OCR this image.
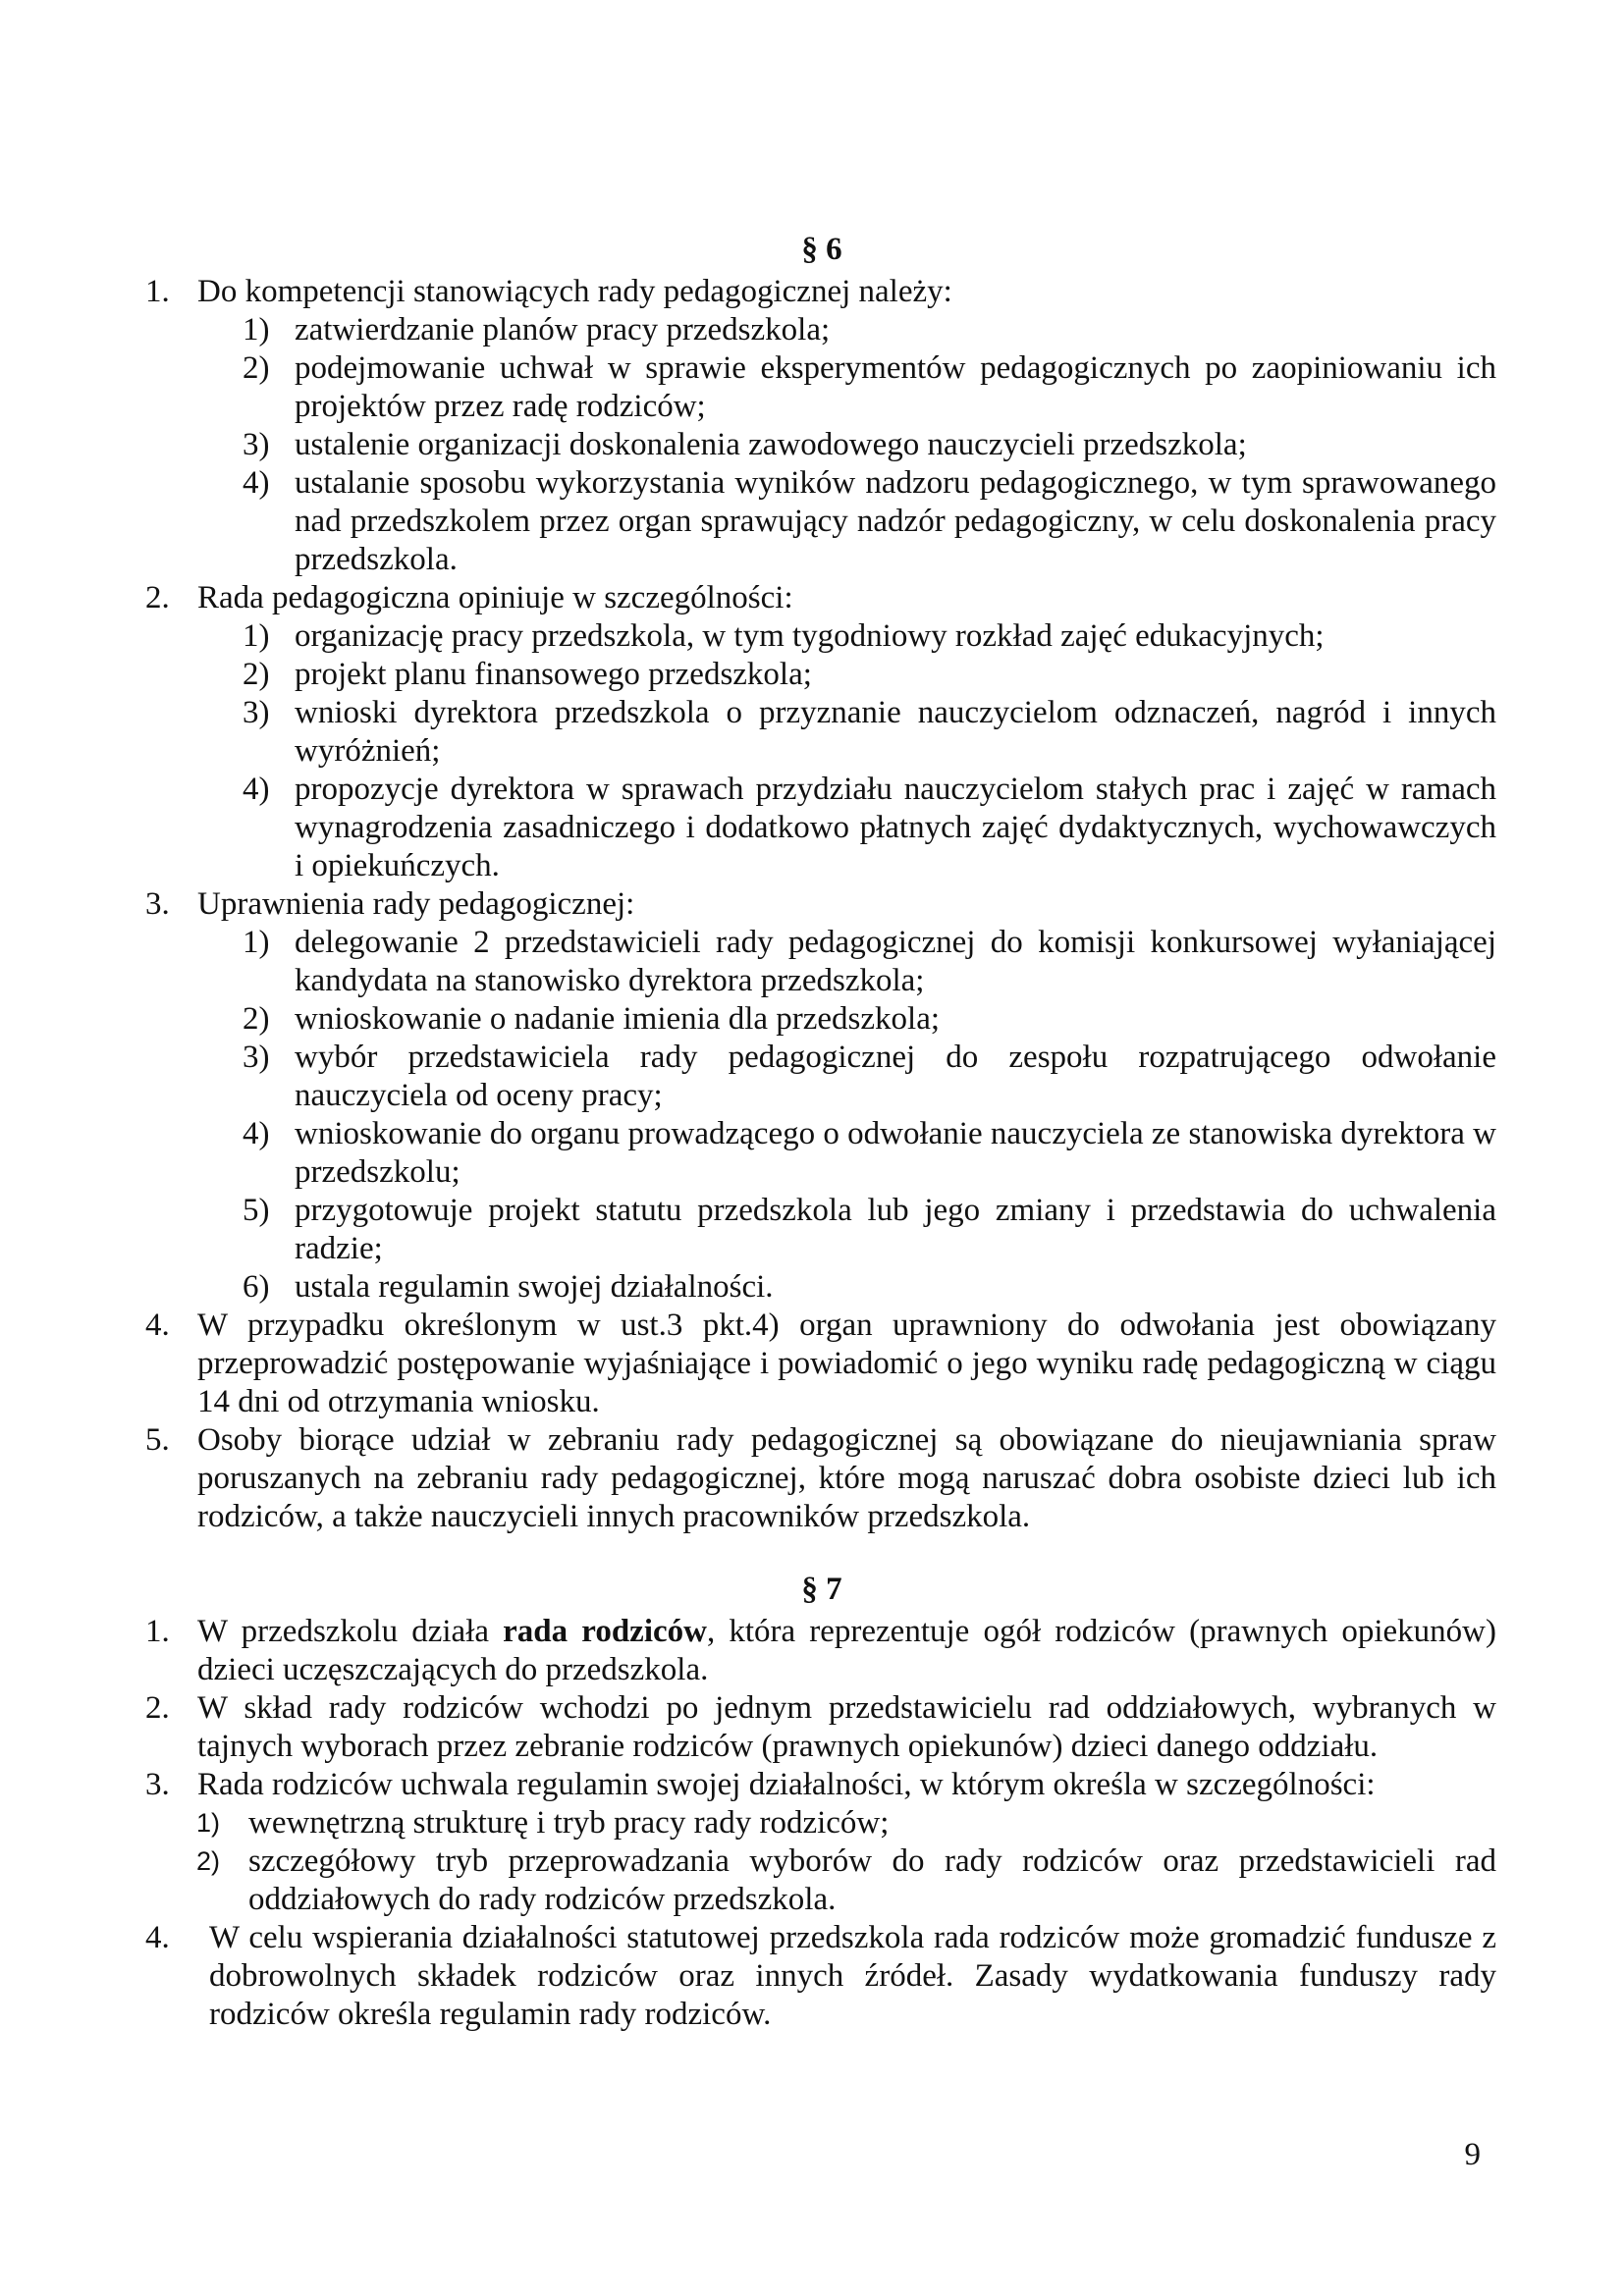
§ 6

1. Do kompetencji stanowiących rady pedagogicznej należy:

1) zatwierdzanie planów pracy przedszkola;

2) podejmowanie uchwał w sprawie eksperymentów pedagogicznych po zaopiniowaniu ich projektów przez radę rodziców;

3) ustalenie organizacji doskonalenia zawodowego nauczycieli przedszkola;

4) ustalanie sposobu wykorzystania wyników nadzoru pedagogicznego, w tym sprawowanego nad przedszkolem przez organ sprawujący nadzór pedagogiczny, w celu doskonalenia pracy przedszkola.

2. Rada pedagogiczna opiniuje w szczególności:

1) organizację pracy przedszkola, w tym tygodniowy rozkład zajęć edukacyjnych;

2) projekt planu finansowego przedszkola;

3) wnioski dyrektora przedszkola o przyznanie nauczycielom odznaczeń, nagród i innych wyróżnień;

4) propozycje dyrektora w sprawach przydziału nauczycielom stałych prac i zajęć w ramach wynagrodzenia zasadniczego i dodatkowo płatnych zajęć dydaktycznych, wychowawczych i opiekuńczych.

3. Uprawnienia rady pedagogicznej:

1) delegowanie 2 przedstawicieli rady pedagogicznej do komisji konkursowej wyłaniającej kandydata na stanowisko dyrektora przedszkola;

2) wnioskowanie o nadanie imienia dla przedszkola;

3) wybór przedstawiciela rady pedagogicznej do zespołu rozpatrującego odwołanie nauczyciela od oceny pracy;

4) wnioskowanie do organu prowadzącego o odwołanie nauczyciela ze stanowiska dyrektora w przedszkolu;

5) przygotowuje projekt statutu przedszkola lub jego zmiany i przedstawia do uchwalenia radzie;

6) ustala regulamin swojej działalności.

4. W przypadku określonym w ust.3 pkt.4) organ uprawniony do odwołania jest obowiązany przeprowadzić postępowanie wyjaśniające i powiadomić o jego wyniku radę pedagogiczną w ciągu 14 dni od otrzymania wniosku.

5. Osoby biorące udział w zebraniu rady pedagogicznej są obowiązane do nieujawniania spraw poruszanych na zebraniu rady pedagogicznej, które mogą naruszać dobra osobiste dzieci lub ich rodziców, a także nauczycieli innych pracowników przedszkola.

§ 7

1. W przedszkolu działa rada rodziców, która reprezentuje ogół rodziców (prawnych opiekunów) dzieci uczęszczających do przedszkola.

2. W skład rady rodziców wchodzi po jednym przedstawicielu rad oddziałowych, wybranych w tajnych wyborach przez zebranie rodziców (prawnych opiekunów) dzieci danego oddziału.

3. Rada rodziców uchwala regulamin swojej działalności, w którym określa w szczególności:

1) wewnętrzną strukturę i tryb pracy rady rodziców;

2) szczegółowy tryb przeprowadzania wyborów do rady rodziców oraz przedstawicieli rad oddziałowych do rady rodziców przedszkola.

4. W celu wspierania działalności statutowej przedszkola rada rodziców może gromadzić fundusze z dobrowolnych składek rodziców oraz innych źródeł. Zasady wydatkowania funduszy rady rodziców określa regulamin rady rodziców.

9
